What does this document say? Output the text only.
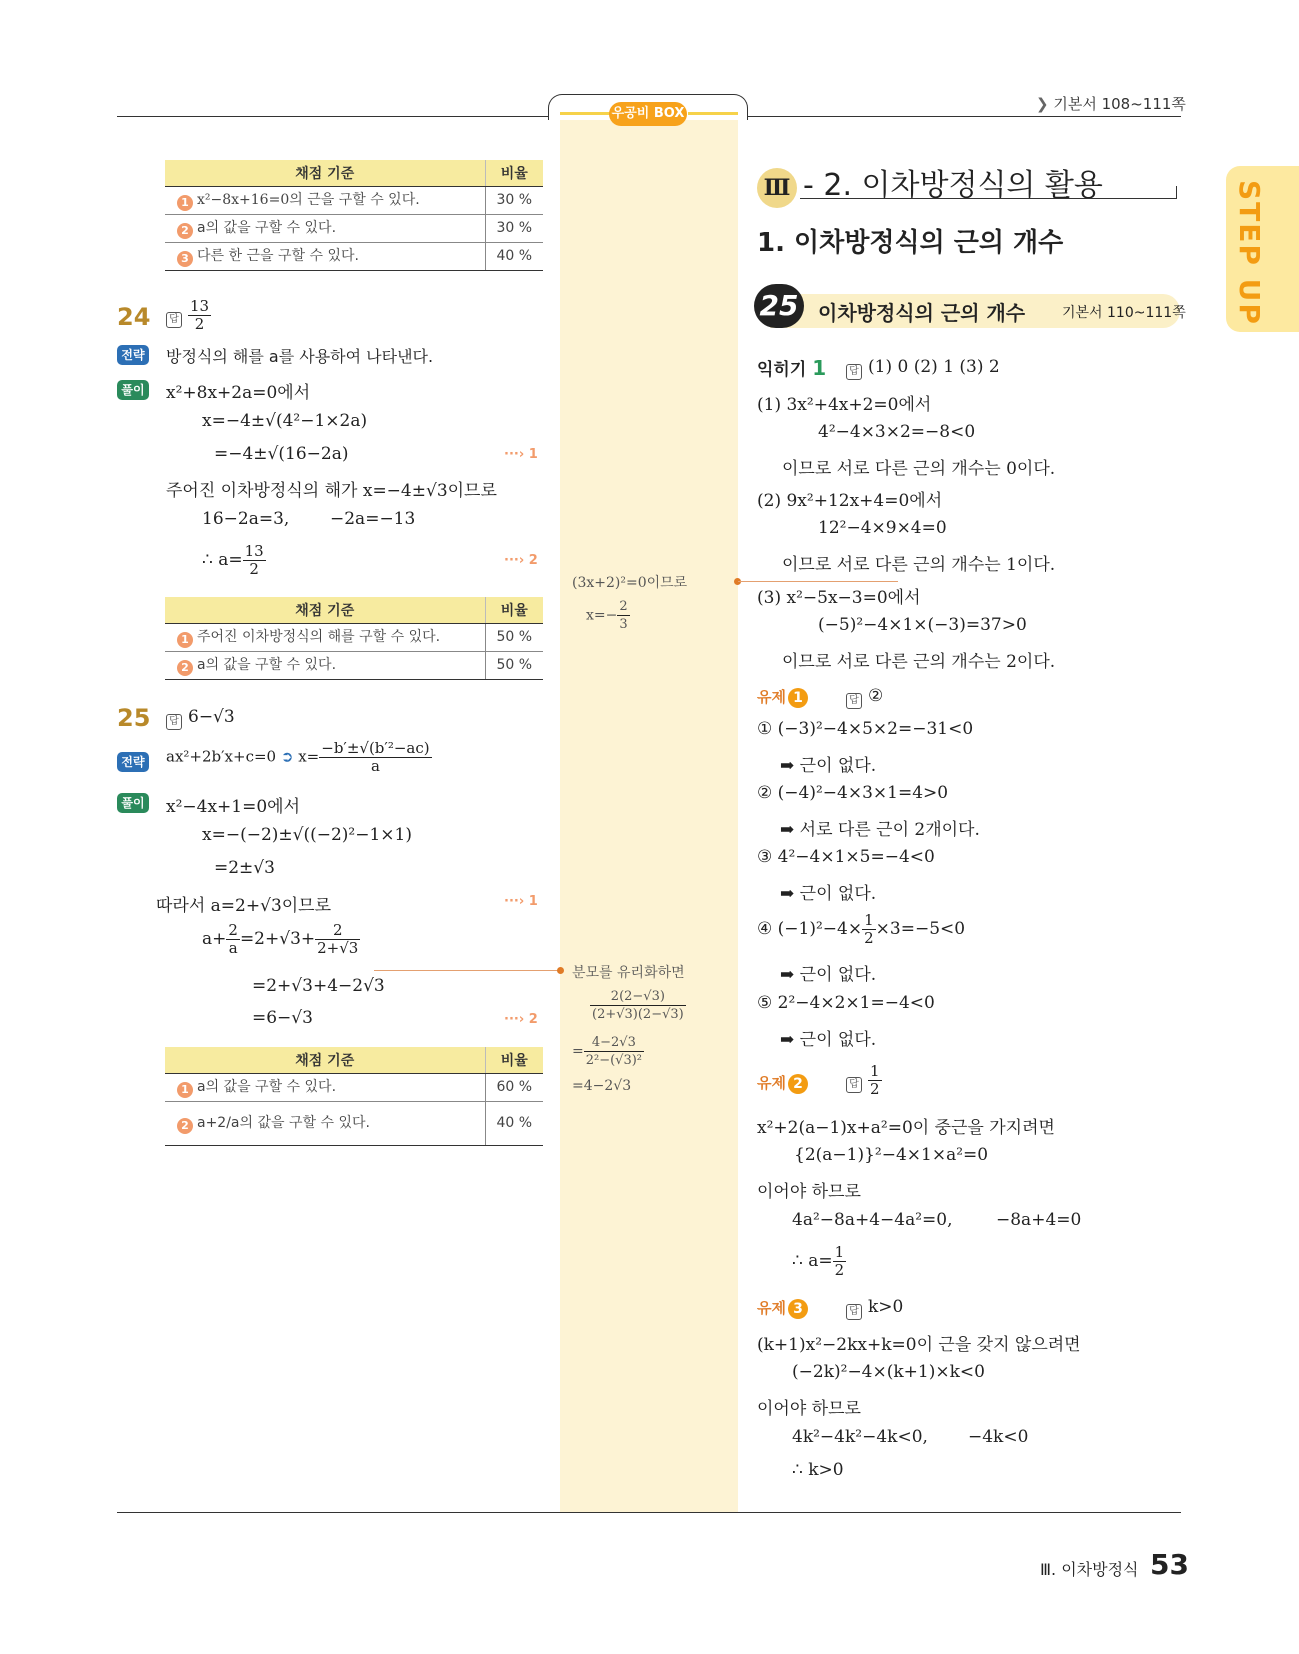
우공비 BOX
❯ 기본서 108~111쪽
STEP UP
채점 기준	비율
1 x²−8x+16=0의 근을 구할 수 있다.	30 %
2 a의 값을 구할 수 있다.	30 %
3 다른 한 근을 구할 수 있다.	40 %
24	답 $\frac{13}{2}$
전략 방정식의 해를 a를 사용하여 나타낸다.
풀이 x²+8x+2a=0에서
x=−4±√(4²−1×2a)
=−4±√(16−2a)	···› 1
주어진 이차방정식의 해가 x=−4±√3이므로
16−2a=3, −2a=−13
∴ $a= \frac{13}{2}$	···› 2
채점 기준	비율
1 주어진 이차방정식의 해를 구할 수 있다.	50 %
2 a의 값을 구할 수 있다.	50 %
25	답 6−√3
전략 ax²+2b′x+c=0 ➲ $x= \frac{\text{−b′±√(b′²−ac)}}{a}$
풀이 x²−4x+1=0에서
x=−(−2)±√((−2)²−1×1)
=2±√3
따라서 a=2+√3이므로	···› 1
$a+ \frac{2}{a} =2+√3+ \frac{2}{2+√3}$
=2+√3+4−2√3
=6−√3	···› 2
채점 기준	비율
1 a의 값을 구할 수 있다.	60 %
2 a+2/a의 값을 구할 수 있다.	40 %
(3x+2)²=0이므로
$x=- \frac{2}{3}$
분모를 유리화하면
$\frac{2(2-√3)}{(2+√3)(2-√3)}$
= $\frac{4-2√3}{\text{2²−(√3)²}}$
=4−2√3
Ⅲ - 2. 이차방정식의 활용
1. 이차방정식의 근의 개수
25 이차방정식의 근의 개수	기본서 110~111쪽
익히기 1	답 (1) 0 (2) 1 (3) 2
(1) 3x²+4x+2=0에서
4²−4×3×2=−8<0
이므로 서로 다른 근의 개수는 0이다.
(2) 9x²+12x+4=0에서
12²−4×9×4=0
이므로 서로 다른 근의 개수는 1이다.
(3) x²−5x−3=0에서
(−5)²−4×1×(−3)=37>0
이므로 서로 다른 근의 개수는 2이다.
유제 1	답 ②
① (−3)²−4×5×2=−31<0
➡ 근이 없다.
② (−4)²−4×3×1=4>0
➡ 서로 다른 근이 2개이다.
③ 4²−4×1×5=−4<0
➡ 근이 없다.
④ $(-1)^2-4\times \frac{1}{2} \times 3=-5<0$
➡ 근이 없다.
⑤ 2²−4×2×1=−4<0
➡ 근이 없다.
유제 2	답 $\frac{1}{2}$
x²+2(a−1)x+a²=0이 중근을 가지려면
{2(a−1)}²−4×1×a²=0
이어야 하므로
4a²−8a+4−4a²=0,	−8a+4=0
∴ $a= \frac{1}{2}$
유제 3	답 k>0
(k+1)x²−2kx+k=0이 근을 갖지 않으려면
(−2k)²−4×(k+1)×k<0
이어야 하므로
4k²−4k²−4k<0, −4k<0
∴ k>0
Ⅲ. 이차방정식 53
